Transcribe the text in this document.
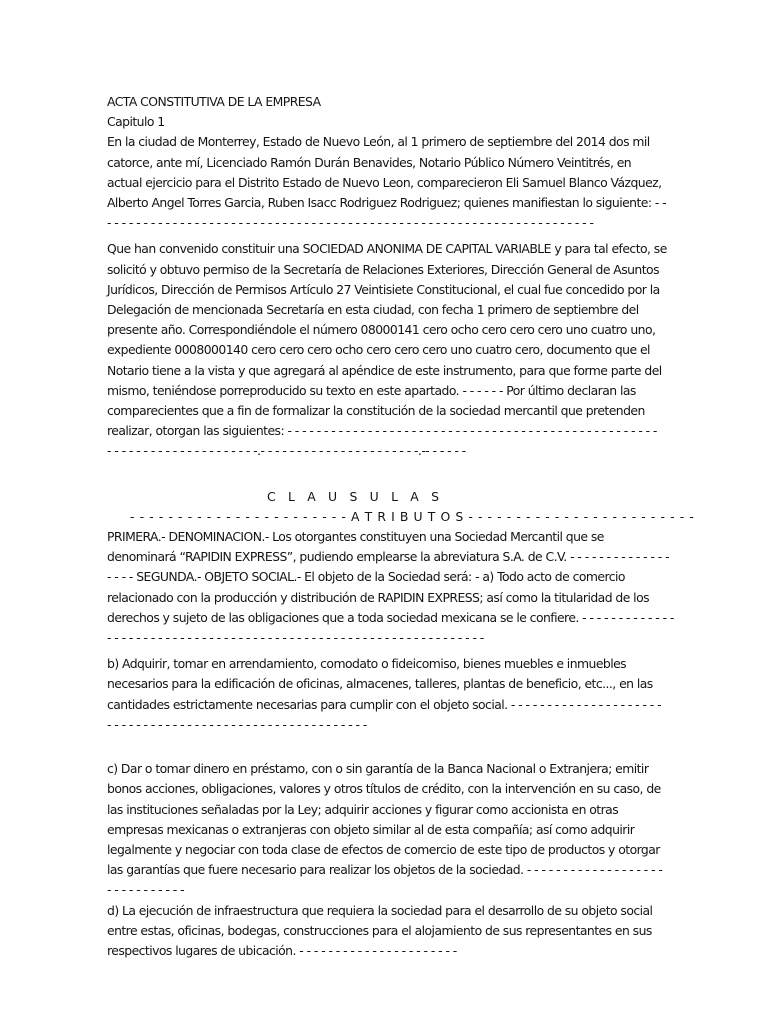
ACTA CONSTITUTIVA DE LA EMPRESA
Capitulo 1
En la ciudad de Monterrey, Estado de Nuevo León, al 1 primero de septiembre del 2014 dos mil
catorce, ante mí, Licenciado Ramón Durán Benavides, Notario Público Número Veintitrés, en
actual ejercicio para el Distrito Estado de Nuevo Leon, comparecieron Eli Samuel Blanco Vázquez,
Alberto Angel Torres Garcia, Ruben Isacc Rodriguez Rodriguez; quienes manifiestan lo siguiente: - -
- - - - - - - - - - - - - - - - - - - - - - - - - - - - - - - - - - - - - - - - - - - - - - - - - - - - - - - - - - - - - - - - - - -
Que han convenido constituir una SOCIEDAD ANONIMA DE CAPITAL VARIABLE y para tal efecto, se
solicitó y obtuvo permiso de la Secretaría de Relaciones Exteriores, Dirección General de Asuntos
Jurídicos, Dirección de Permisos Artículo 27 Veintisiete Constitucional, el cual fue concedido por la
Delegación de mencionada Secretaría en esta ciudad, con fecha 1 primero de septiembre del
presente año. Correspondiéndole el número 08000141 cero ocho cero cero cero uno cuatro uno,
expediente 0008000140 cero cero cero ocho cero cero cero uno cuatro cero, documento que el
Notario tiene a la vista y que agregará al apéndice de este instrumento, para que forme parte del
mismo, teniéndose porreproducido su texto en este apartado. - - - - - - Por último declaran las
comparecientes que a fin de formalizar la constitución de la sociedad mercantil que pretenden
realizar, otorgan las siguientes: - - - - - - - - - - - - - - - - - - - - - - - - - - - - - - - - - - - - - - - - - - - - - - - - - - -
- - - - - - - - - - - - - - - - - - - - -.- - - - - - - - - - - - - - - - - - - - - -.-- - - - - -
C L A U S U L A S
- - - - - - - - - - - - - - - - - - - - - - - A T R I B U T O S - - - - - - - - - - - - - - - - - - - - - - - -
PRIMERA.- DENOMINACION.- Los otorgantes constituyen una Sociedad Mercantil que se
denominará “RAPIDIN EXPRESS”, pudiendo emplearse la abreviatura S.A. de C.V. - - - - - - - - - - - - - -
- - - - SEGUNDA.- OBJETO SOCIAL.- El objeto de la Sociedad será: - a) Todo acto de comercio
relacionado con la producción y distribución de RAPIDIN EXPRESS; así como la titularidad de los
derechos y sujeto de las obligaciones que a toda sociedad mexicana se le confiere. - - - - - - - - - - - - -
- - - - - - - - - - - - - - - - - - - - - - - - - - - - - - - - - - - - - - - - - - - - - - - - - - - -
b) Adquirir, tomar en arrendamiento, comodato o fideicomiso, bienes muebles e inmuebles
necesarios para la edificación de oficinas, almacenes, talleres, plantas de beneficio, etc..., en las
cantidades estrictamente necesarias para cumplir con el objeto social. - - - - - - - - - - - - - - - - - - - - -
- - - - - - - - - - - - - - - - - - - - - - - - - - - - - - - - - - - -
c) Dar o tomar dinero en préstamo, con o sin garantía de la Banca Nacional o Extranjera; emitir
bonos acciones, obligaciones, valores y otros títulos de crédito, con la intervención en su caso, de
las instituciones señaladas por la Ley; adquirir acciones y figurar como accionista en otras
empresas mexicanas o extranjeras con objeto similar al de esta compañía; así como adquirir
legalmente y negociar con toda clase de efectos de comercio de este tipo de productos y otorgar
las garantías que fuere necesario para realizar los objetos de la sociedad. - - - - - - - - - - - - - - - - - - -
- - - - - - - - - - -
d) La ejecución de infraestructura que requiera la sociedad para el desarrollo de su objeto social
entre estas, oficinas, bodegas, construcciones para el alojamiento de sus representantes en sus
respectivos lugares de ubicación. - - - - - - - - - - - - - - - - - - - - - -
